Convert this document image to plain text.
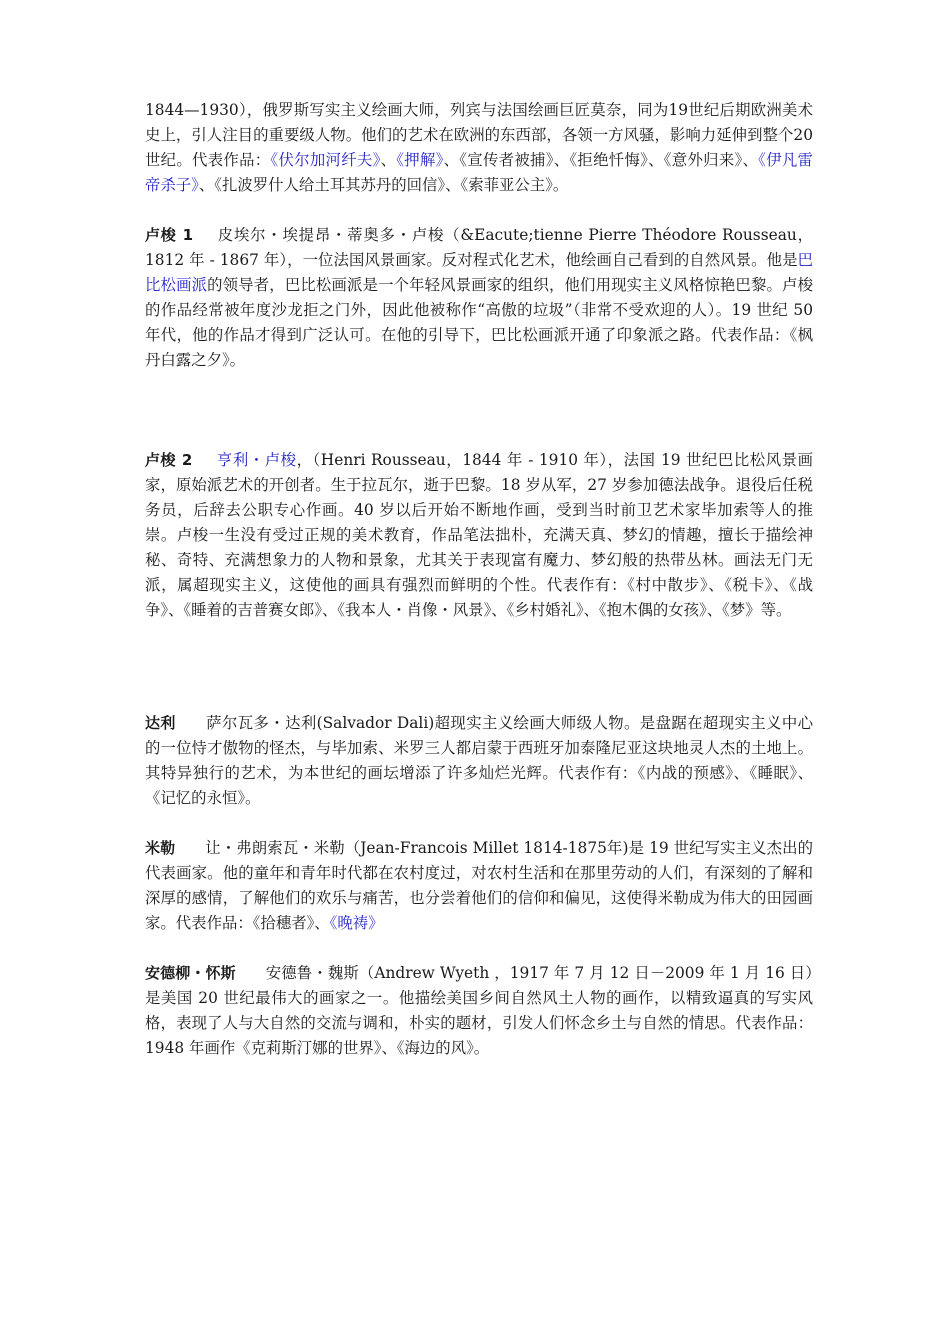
1844—1930），俄罗斯写实主义绘画大师，列宾与法国绘画巨匠莫奈，同为19世纪后期欧洲美术史上，引人注目的重要级人物。他们的艺术在欧洲的东西部，各领一方风骚，影响力延伸到整个20世纪。代表作品：《伏尔加河纤夫》、《押解》、《宣传者被捕》、《拒绝忏悔》、《意外归来》、《伊凡雷帝杀子》、《扎波罗什人给土耳其苏丹的回信》、《索菲亚公主》。

卢梭 1 皮埃尔・埃提昂・蒂奥多・卢梭（&Eacute;tienne Pierre Théodore Rousseau，1812 年 - 1867 年），一位法国风景画家。反对程式化艺术，他绘画自己看到的自然风景。他是巴比松画派的领导者，巴比松画派是一个年轻风景画家的组织，他们用现实主义风格惊艳巴黎。卢梭的作品经常被年度沙龙拒之门外，因此他被称作“高傲的垃圾”（非常不受欢迎的人）。19 世纪 50 年代，他的作品才得到广泛认可。在他的引导下，巴比松画派开通了印象派之路。代表作品：《枫丹白露之夕》。

卢梭 2 亨利・卢梭，（Henri Rousseau，1844 年 - 1910 年），法国 19 世纪巴比松风景画家，原始派艺术的开创者。生于拉瓦尔，逝于巴黎。18 岁从军，27 岁参加德法战争。退役后任税务员，后辞去公职专心作画。40 岁以后开始不断地作画，受到当时前卫艺术家毕加索等人的推崇。卢梭一生没有受过正规的美术教育，作品笔法拙朴，充满天真、梦幻的情趣，擅长于描绘神秘、奇特、充满想象力的人物和景象，尤其关于表现富有魔力、梦幻般的热带丛林。画法无门无派，属超现实主义，这使他的画具有强烈而鲜明的个性。代表作有：《村中散步》、《税卡》、《战争》、《睡着的吉普赛女郎》、《我本人・肖像・风景》、《乡村婚礼》、《抱木偶的女孩》、《梦》等。

达利 萨尔瓦多・达利(Salvador Dali)超现实主义绘画大师级人物。是盘踞在超现实主义中心的一位恃才傲物的怪杰，与毕加索、米罗三人都启蒙于西班牙加泰隆尼亚这块地灵人杰的土地上。其特异独行的艺术，为本世纪的画坛增添了许多灿烂光辉。代表作有：《内战的预感》、《睡眠》、《记忆的永恒》。

米勒 让・弗朗索瓦・米勒（Jean-Francois Millet 1814-1875年)是 19 世纪写实主义杰出的代表画家。他的童年和青年时代都在农村度过，对农村生活和在那里劳动的人们，有深刻的了解和深厚的感情，了解他们的欢乐与痛苦，也分尝着他们的信仰和偏见，这使得米勒成为伟大的田园画家。代表作品：《拾穗者》、《晚祷》

安德柳・怀斯 安德鲁・魏斯（Andrew Wyeth ，1917 年 7 月 12 日－2009 年 1 月 16 日）是美国 20 世纪最伟大的画家之一。他描绘美国乡间自然风土人物的画作，以精致逼真的写实风格，表现了人与大自然的交流与调和，朴实的题材，引发人们怀念乡土与自然的情思。代表作品：1948 年画作《克莉斯汀娜的世界》、《海边的风》。
